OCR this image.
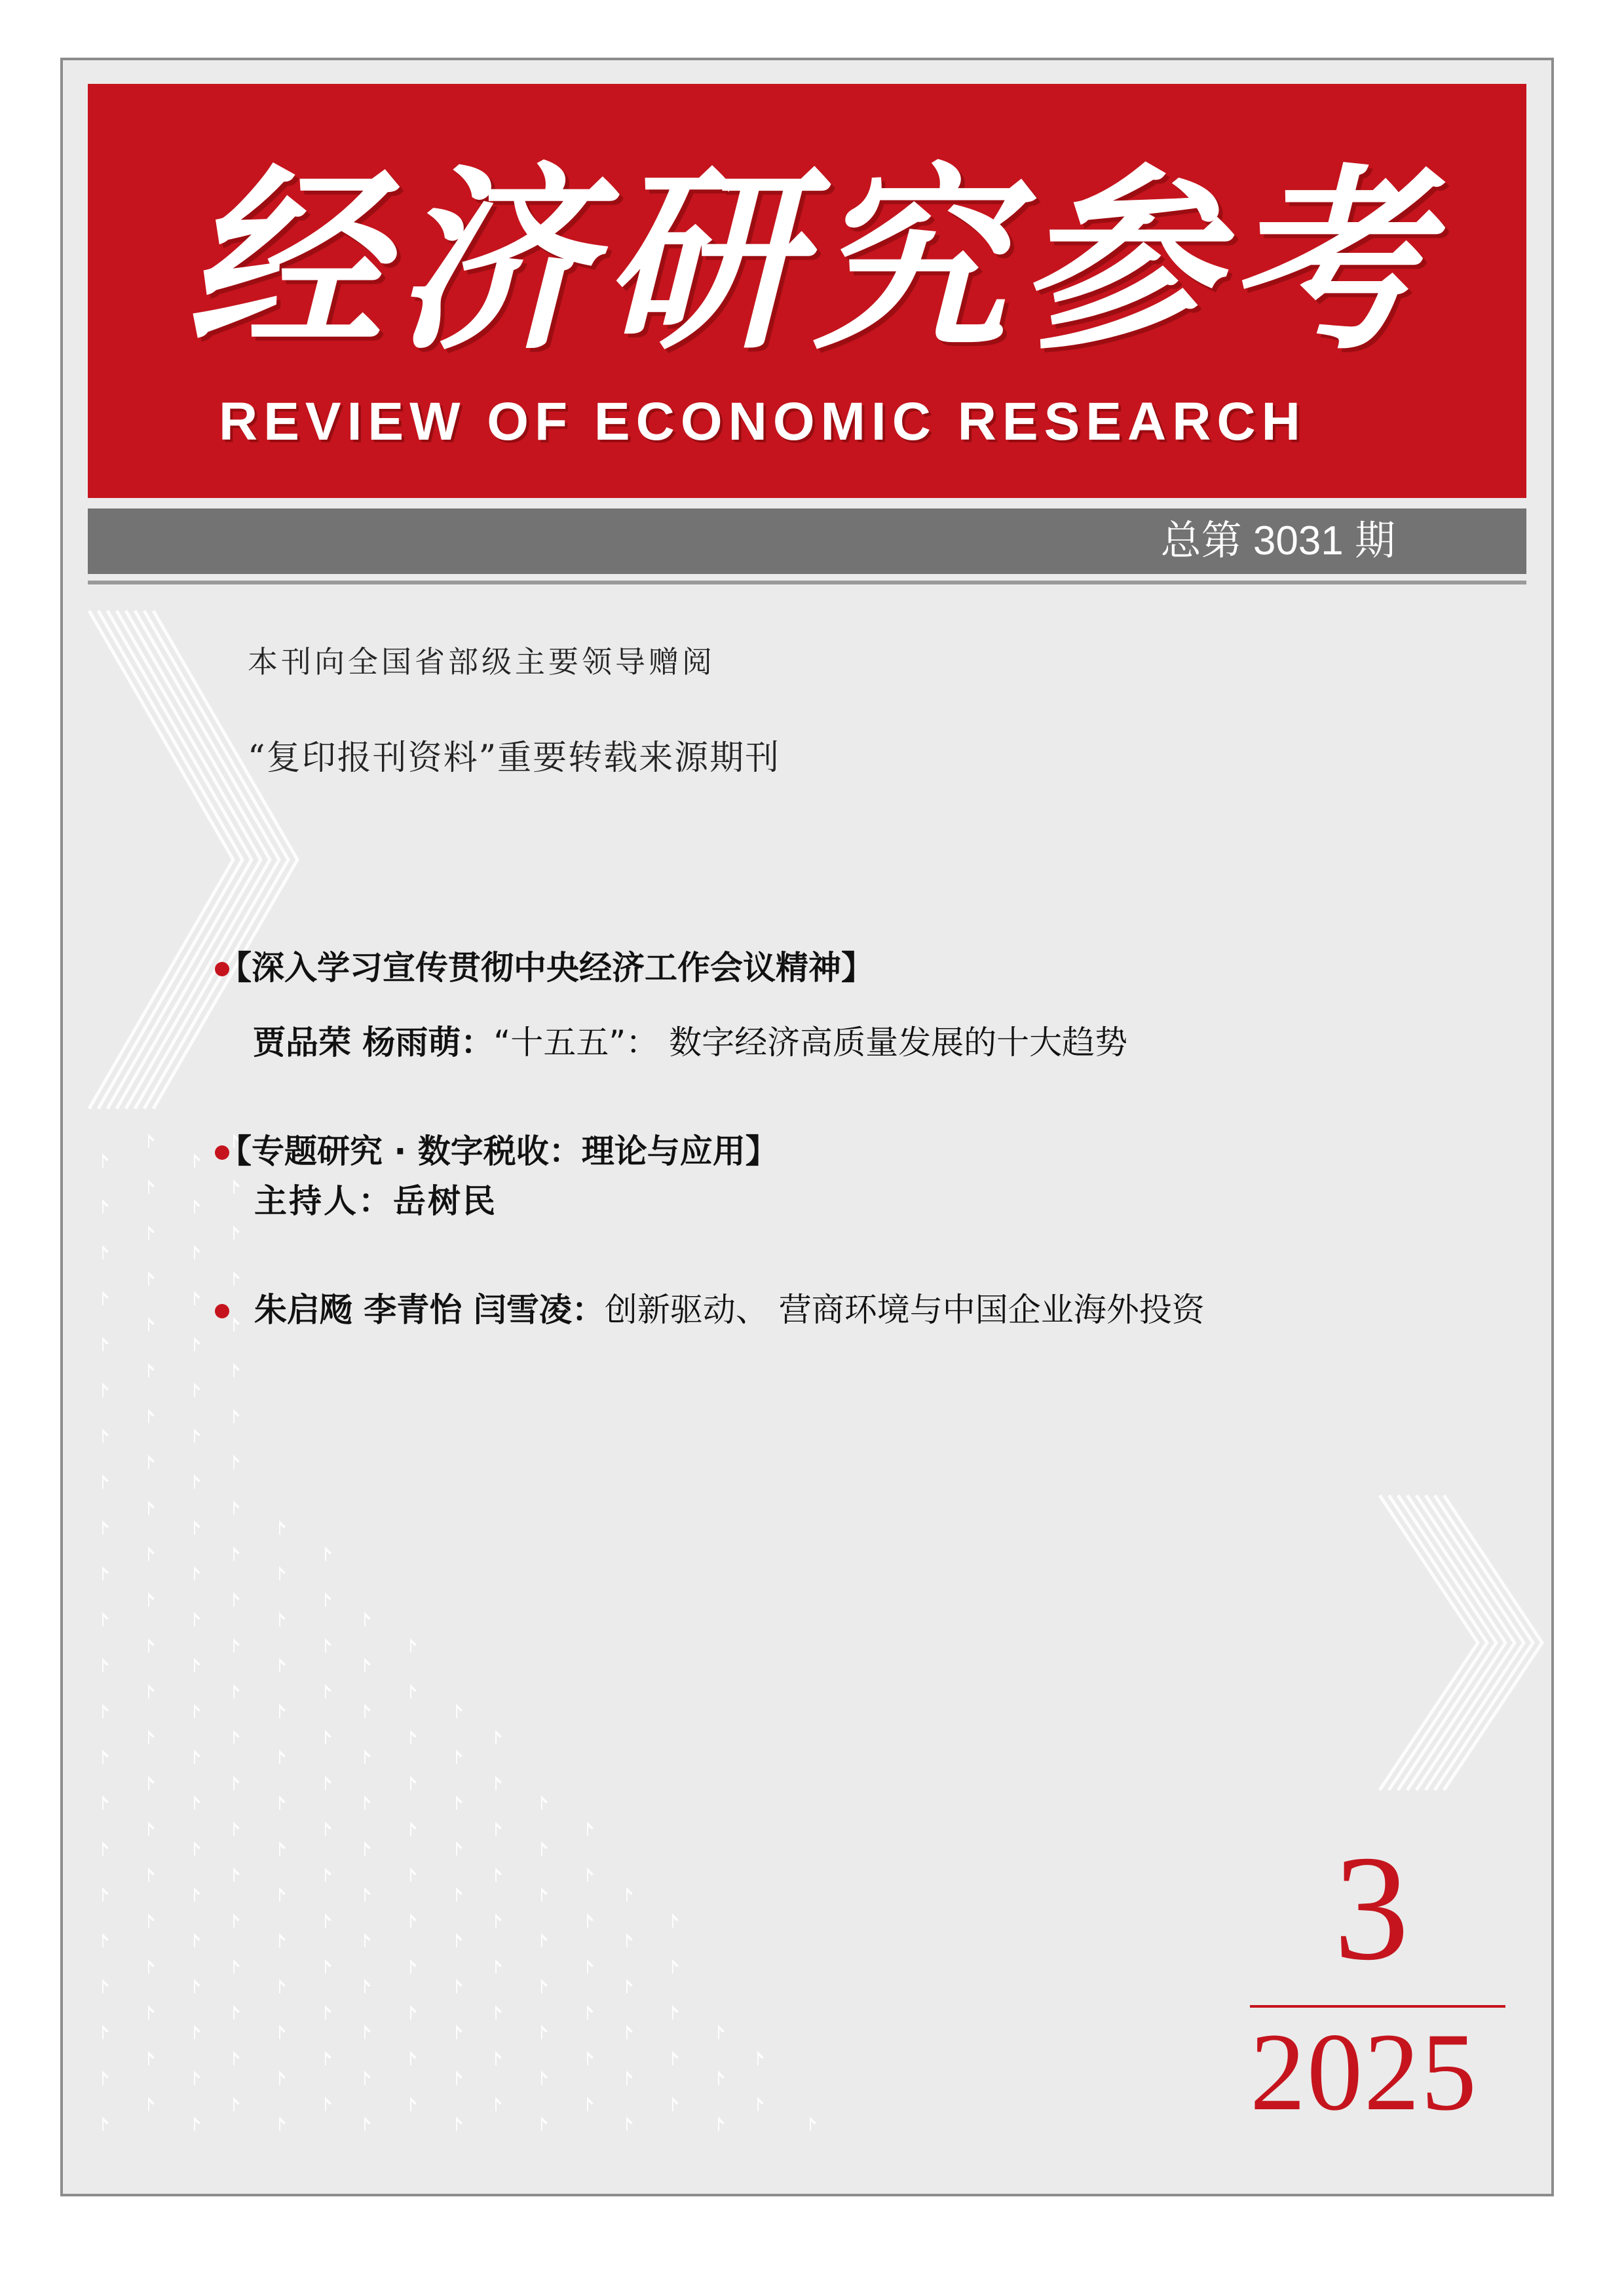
经济研究参考
REVIEW OF ECONOMIC RESEARCH
总第 3031 期
本刊向全国省部级主要领导赠阅
“复印报刊资料”重要转载来源期刊
【深入学习宣传贯彻中央经济工作会议精神】
贾品荣 杨雨萌：“十五五”： 数字经济高质量发展的十大趋势
【专题研究 · 数字税收：理论与应用】
主持人：岳树民
朱启飏 李青怡 闫雪凌：创新驱动、 营商环境与中国企业海外投资
3
2025
